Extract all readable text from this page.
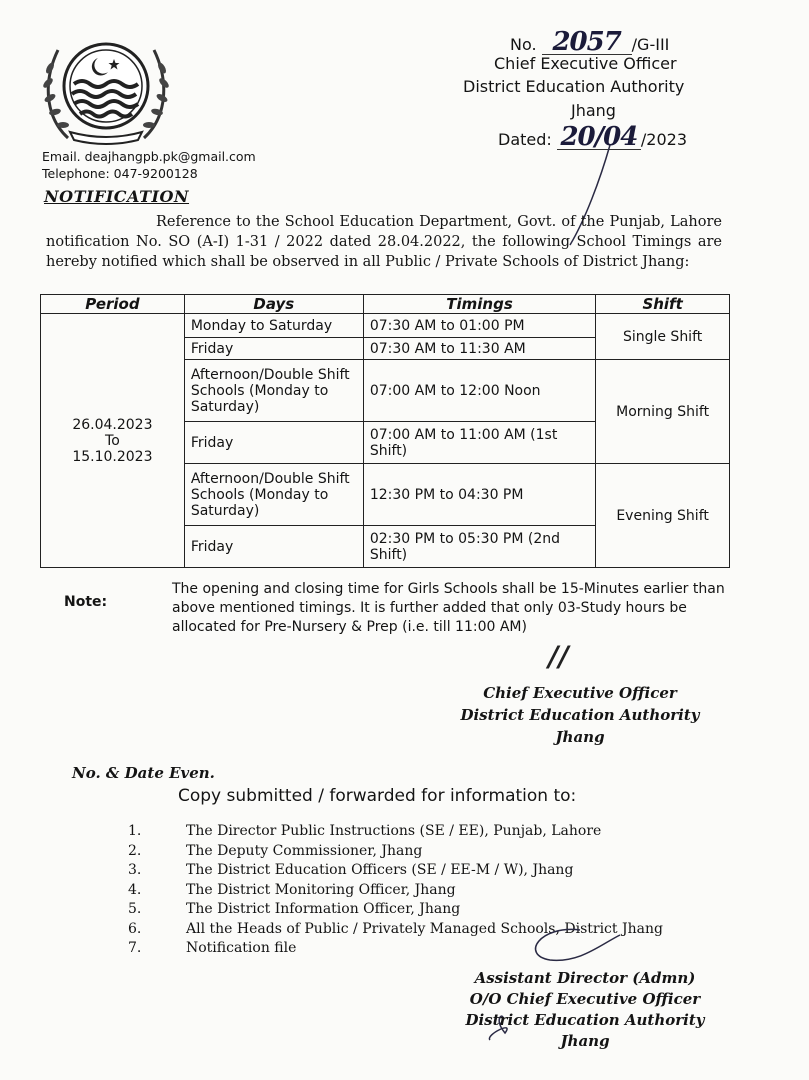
No. 2057 /G-III
Chief Executive Officer
District Education Authority
Jhang
Dated: 20/04 /2023
Email. deajhangpb.pk@gmail.com
Telephone: 047-9200128
NOTIFICATION
Reference to the School Education Department, Govt. of the Punjab, Lahore notification No. SO (A-I) 1-31 / 2022 dated 28.04.2022, the following School Timings are hereby notified which shall be observed in all Public / Private Schools of District Jhang:
Period	Days	Timings	Shift

26.04.2023
To
15.10.2023	Monday to Saturday	07:30 AM to 01:00 PM	Single Shift
	Friday	07:30 AM to 11:30 AM	
	Afternoon/Double Shift Schools (Monday to Saturday)	07:00 AM to 12:00 Noon	Morning Shift
	Friday	07:00 AM to 11:00 AM (1st Shift)	
	Afternoon/Double Shift Schools (Monday to Saturday)	12:30 PM to 04:30 PM	Evening Shift
	Friday	02:30 PM to 05:30 PM (2nd Shift)	
Note:
The opening and closing time for Girls Schools shall be 15-Minutes earlier than above mentioned timings. It is further added that only 03-Study hours be allocated for Pre-Nursery & Prep (i.e. till 11:00 AM)
//
Chief Executive Officer
District Education Authority
Jhang
No. & Date Even.
Copy submitted / forwarded for information to:
1.	The Director Public Instructions (SE / EE), Punjab, Lahore
2.	The Deputy Commissioner, Jhang
3.	The District Education Officers (SE / EE-M / W), Jhang
4.	The District Monitoring Officer, Jhang
5.	The District Information Officer, Jhang
6.	All the Heads of Public / Privately Managed Schools, District Jhang
7.	Notification file
Assistant Director (Admn)
O/O Chief Executive Officer
District Education Authority
Jhang
